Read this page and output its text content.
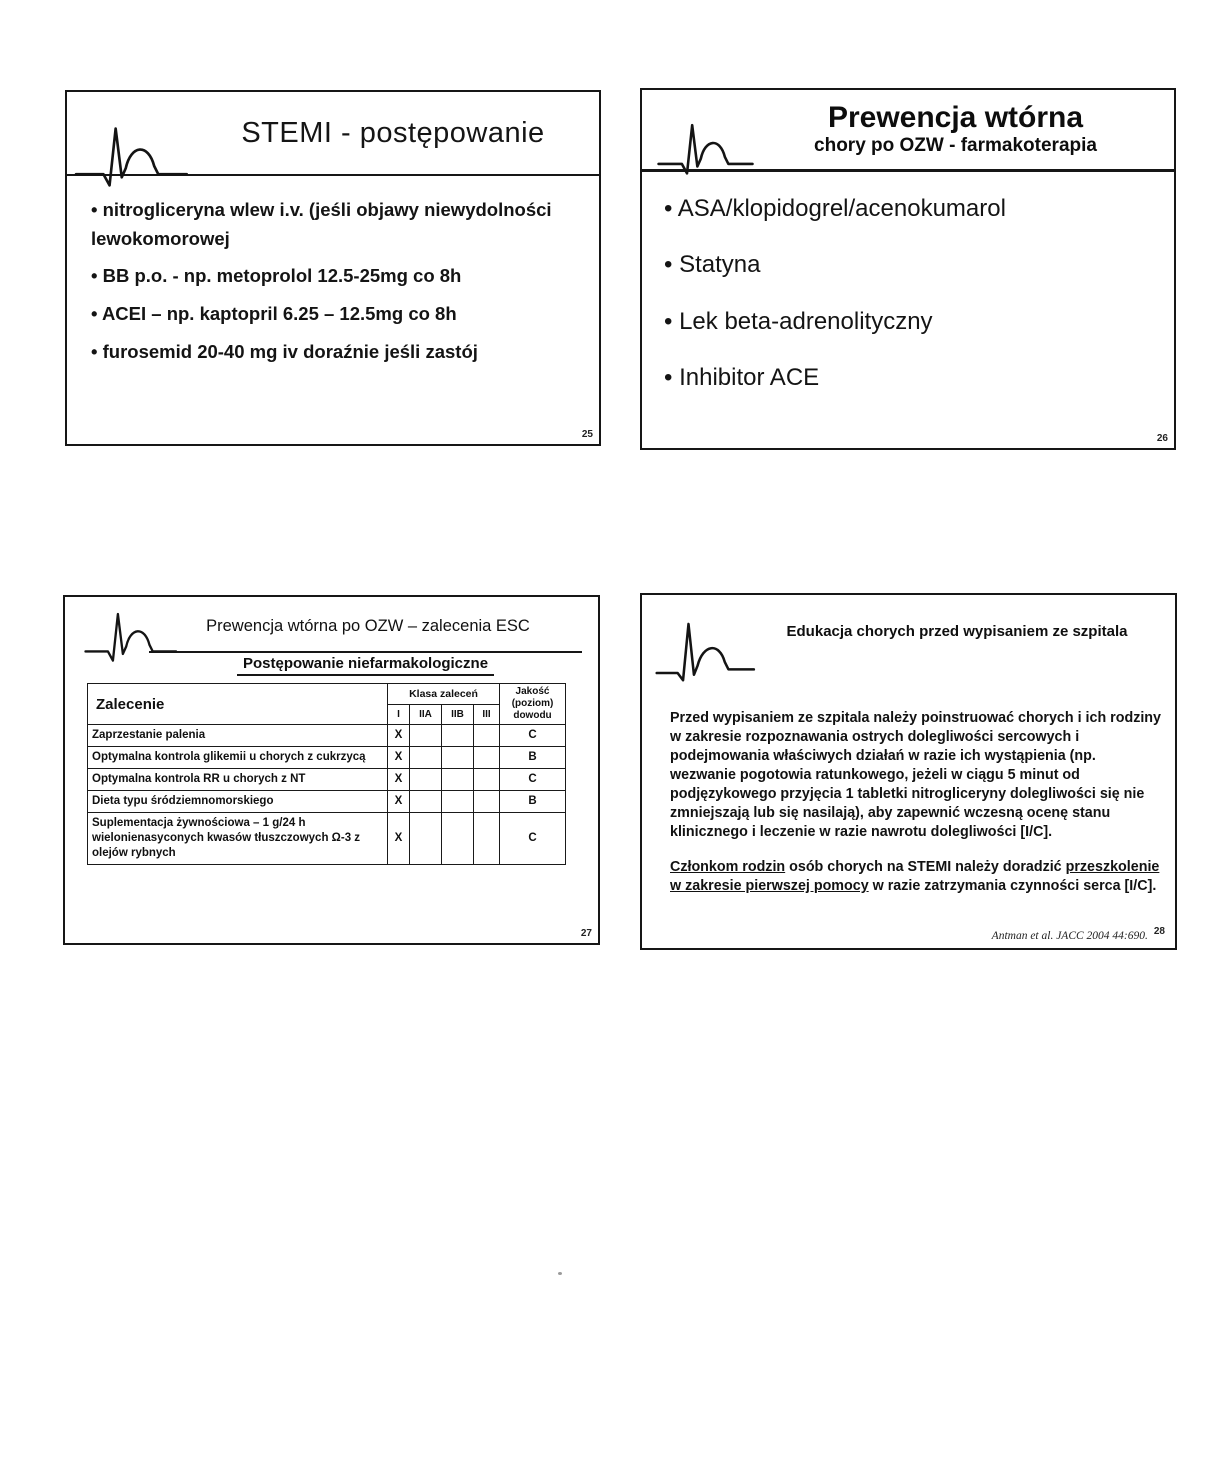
STEMI - postępowanie

• nitrogliceryna wlew i.v. (jeśli objawy niewydolności lewokomorowej

• BB p.o. - np. metoprolol 12.5-25mg co 8h

• ACEI – np. kaptopril 6.25 – 12.5mg co 8h

• furosemid 20-40 mg iv doraźnie jeśli zastój

25
Prewencja wtórna
chory po OZW - farmakoterapia

• ASA/klopidogrel/acenokumarol

• Statyna

• Lek beta-adrenolityczny

• Inhibitor ACE

26
Prewencja wtórna po OZW – zalecenia ESC
Postępowanie niefarmakologiczne
Zalecenie	Klasa zaleceń				Jakość (poziom) dowodu
	I	IIA	IIB	III	
Zaprzestanie palenia	X				C
Optymalna kontrola glikemii u chorych z cukrzycą	X				B
Optymalna kontrola RR u chorych z NT	X				C
Dieta typu śródziemnomorskiego	X				B
Suplementacja żywnościowa – 1 g/24 h wielonienasyconych kwasów tłuszczowych Ω-3 z olejów rybnych	X				C
27
Edukacja chorych przed wypisaniem ze szpitala

Przed wypisaniem ze szpitala należy poinstruować chorych i ich rodziny w zakresie rozpoznawania ostrych dolegliwości sercowych i podejmowania właściwych działań w razie ich wystąpienia (np. wezwanie pogotowia ratunkowego, jeżeli w ciągu 5 minut od podjęzykowego przyjęcia 1 tabletki nitrogliceryny dolegliwości się nie zmniejszają lub się nasilają), aby zapewnić wczesną ocenę stanu klinicznego i leczenie w razie nawrotu dolegliwości [I/C].

Członkom rodzin osób chorych na STEMI należy doradzić przeszkolenie w zakresie pierwszej pomocy w razie zatrzymania czynności serca [I/C].

Antman et al. JACC 2004 44:690. 28
